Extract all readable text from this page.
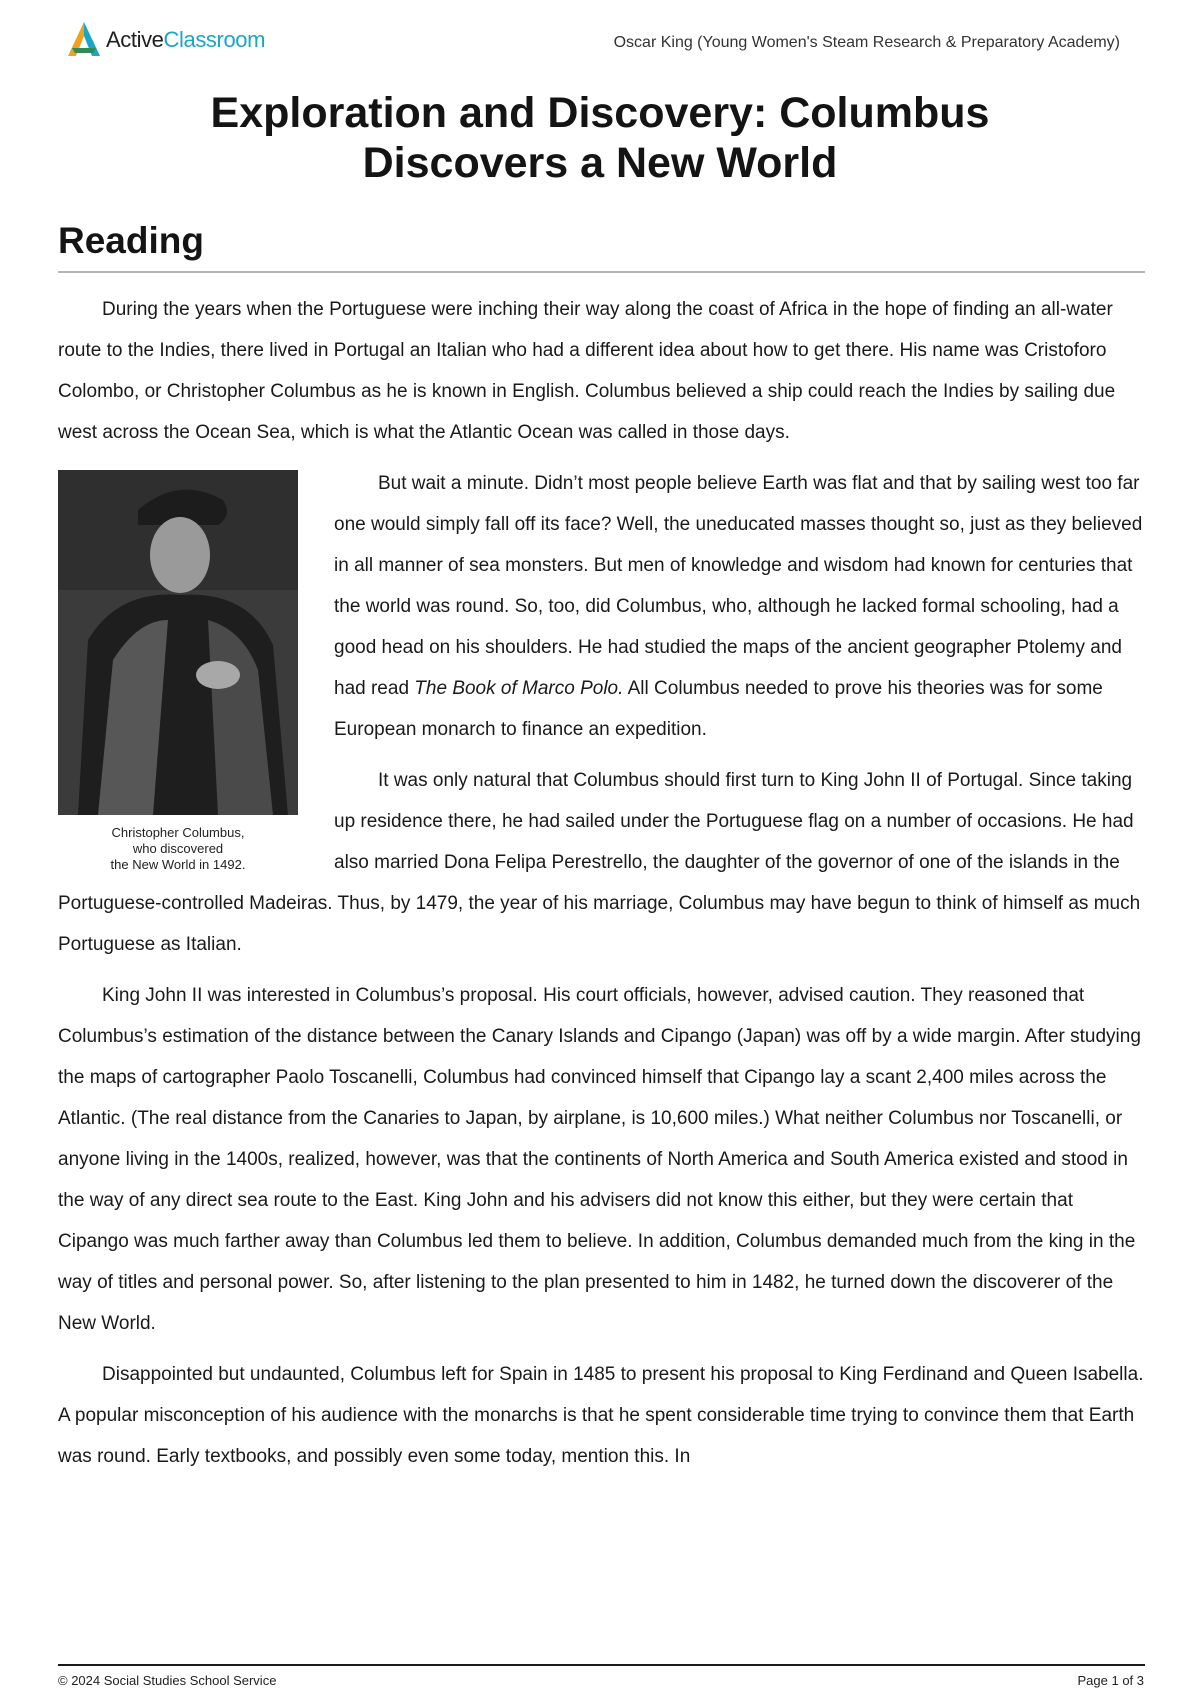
ActiveClassroom	Oscar King (Young Women's Steam Research & Preparatory Academy)
Exploration and Discovery: Columbus
Discovers a New World
Reading

During the years when the Portuguese were inching their way along the coast of Africa in the hope of finding an all-water route to the Indies, there lived in Portugal an Italian who had a different idea about how to get there. His name was Cristoforo Colombo, or Christopher Columbus as he is known in English. Columbus believed a ship could reach the Indies by sailing due west across the Ocean Sea, which is what the Atlantic Ocean was called in those days.

Christopher Columbus,
who discovered
the New World in 1492.

But wait a minute. Didn’t most people believe Earth was flat and that by sailing west too far one would simply fall off its face? Well, the uneducated masses thought so, just as they believed in all manner of sea monsters. But men of knowledge and wisdom had known for centuries that the world was round. So, too, did Columbus, who, although he lacked formal schooling, had a good head on his shoulders. He had studied the maps of the ancient geographer Ptolemy and had read The Book of Marco Polo. All Columbus needed to prove his theories was for some European monarch to finance an expedition.

It was only natural that Columbus should first turn to King John II of Portugal. Since taking up residence there, he had sailed under the Portuguese flag on a number of occasions. He had also married Dona Felipa Perestrello, the daughter of the governor of one of the islands in the Portuguese-controlled Madeiras. Thus, by 1479, the year of his marriage, Columbus may have begun to think of himself as much Portuguese as Italian.

King John II was interested in Columbus’s proposal. His court officials, however, advised caution. They reasoned that Columbus’s estimation of the distance between the Canary Islands and Cipango (Japan) was off by a wide margin. After studying the maps of cartographer Paolo Toscanelli, Columbus had convinced himself that Cipango lay a scant 2,400 miles across the Atlantic. (The real distance from the Canaries to Japan, by airplane, is 10,600 miles.) What neither Columbus nor Toscanelli, or anyone living in the 1400s, realized, however, was that the continents of North America and South America existed and stood in the way of any direct sea route to the East. King John and his advisers did not know this either, but they were certain that Cipango was much farther away than Columbus led them to believe. In addition, Columbus demanded much from the king in the way of titles and personal power. So, after listening to the plan presented to him in 1482, he turned down the discoverer of the New World.

Disappointed but undaunted, Columbus left for Spain in 1485 to present his proposal to King Ferdinand and Queen Isabella. A popular misconception of his audience with the monarchs is that he spent considerable time trying to convince them that Earth was round. Early textbooks, and possibly even some today, mention this. In

© 2024 Social Studies School Service	Page 1 of 3
